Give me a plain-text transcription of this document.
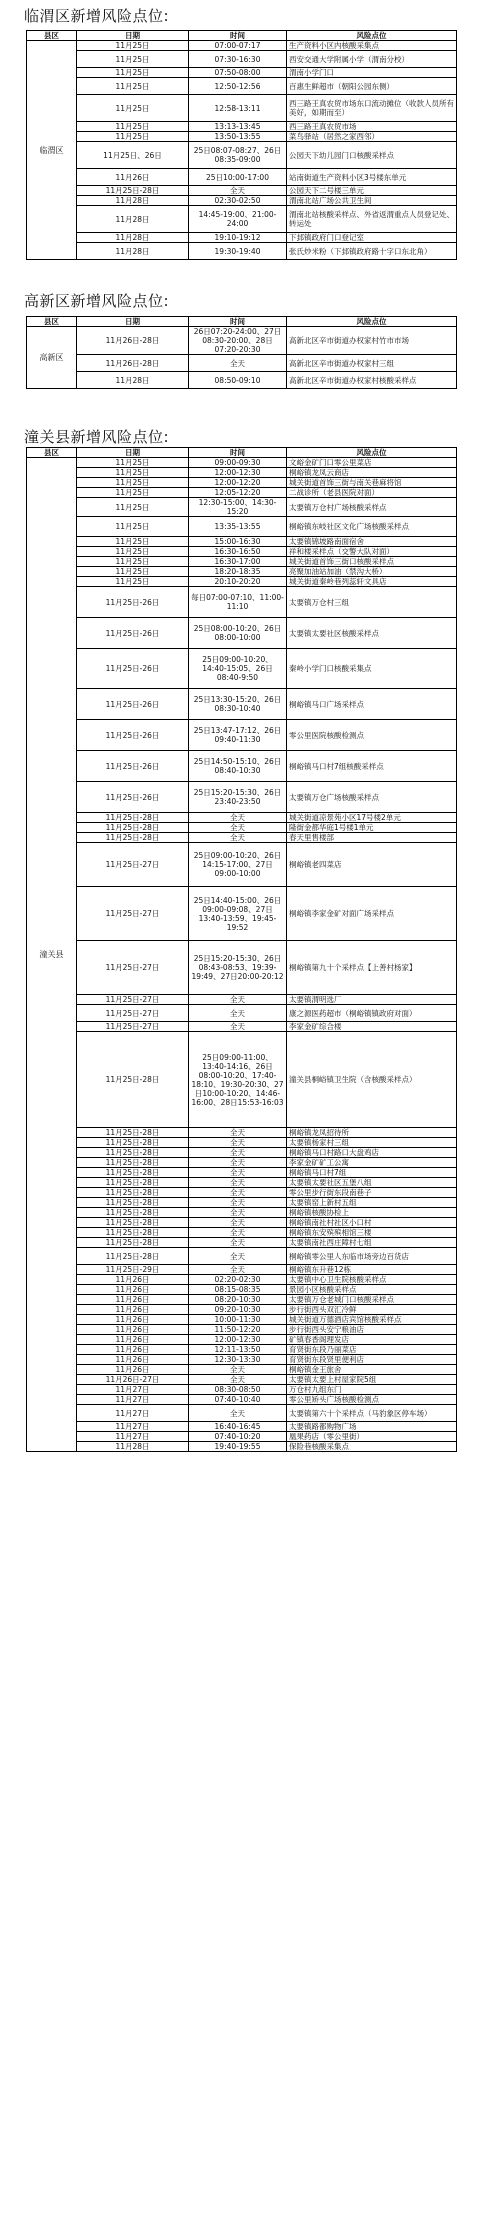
临渭区新增风险点位:
县区	日期	时间	风险点位
临渭区	11月25日	07:00-07:17	生产资料小区内核酸采集点
	11月25日	07:30-16:30	西安交通大学附属小学（渭南分校）
	11月25日	07:50-08:00	渭南小学门口
	11月25日	12:50-12:56	百惠生鲜超市（朝阳公园东侧）
	11月25日	12:58-13:11	西三路王真农贸市场东口流动摊位（收款人员所有美好，如期而至）
	11月25日	13:13-13:45	西三路王真农贸市场
	11月25日	13:50-13:55	菜鸟驿站（居然之家西邻）
	11月25日、26日	25日08:07-08:27、26日08:35-09:00	公园天下幼儿园门口核酸采样点
	11月26日	25日10:00-17:00	站南街道生产资料小区3号楼东单元
	11月25日-28日	全天	公园天下二号楼三单元
	11月28日	02:30-02:50	渭南北站广场公共卫生间
	11月28日	14:45-19:00、21:00-24:00	渭南北站核酸采样点、外省返渭重点人员登记处、转运处
	11月28日	19:10-19:12	下邽镇政府门口登记室
	11月28日	19:30-19:40	张氏炒米粉（下邽镇政府路十字口东北角）
高新区新增风险点位:
县区	日期	时间	风险点位
高新区	11月26日-28日	26日07:20-24:00、27日08:30-20:00、28日07:20-20:30	高新北区辛市街道办权家村竹市市场
	11月26日-28日	全天	高新北区辛市街道办权家村三组
	11月28日	08:50-09:10	高新北区辛市街道办权家村核酸采样点
潼关县新增风险点位:
县区	日期	时间	风险点位
潼关县	11月25日	09:00-09:30	文峪金矿门口零公里菜店
	11月25日	12:00-12:30	桐峪镇龙凤云商店
	11月25日	12:00-12:20	城关街道首饰三街与南关巷麻将馆
	11月25日	12:05-12:20	二战诊所（老县医院对面）
	11月25日	12:30-15:00、14:30-15:20	太要镇万仓村广场核酸采样点
	11月25日	13:35-13:55	桐峪镇东岐社区文化广场核酸采样点
	11月25日	15:00-16:30	太要镇锦坡路南面宿舍
	11月25日	16:30-16:50	祥和楼采样点（交警大队对面）
	11月25日	16:30-17:00	城关街道首饰三街口核酸采样点
	11月25日	18:20-18:35	亮聚加油站加油（禁沟大桥）
	11月25日	20:10-20:20	城关街道秦岭巷列蕊轩文具店
	11月25日-26日	每日07:00-07:10、11:00-11:10	太要镇万仓村三组
	11月25日-26日	25日08:00-10:20、26日08:00-10:00	太要镇太要社区核酸采样点
	11月25日-26日	25日09:00-10:20、14:40-15:05、26日08:40-9:50	秦岭小学门口核酸采集点
	11月25日-26日	25日13:30-15:20、26日08:30-10:40	桐峪镇马口广场采样点
	11月25日-26日	25日13:47-17:12、26日09:40-11:30	零公里医院核酸检测点
	11月25日-26日	25日14:50-15:10、26日08:40-10:30	桐峪镇马口村7组核酸采样点
	11月25日-26日	25日15:20-15:30、26日23:40-23:50	太要镇万仓广场核酸采样点
	11月25日-28日	全天	城关街道凉景苑小区17号楼2单元
	11月25日-28日	全天	隆街金都华庭1号楼1单元
	11月25日-28日	全天	春天里售楼部
	11月25日-27日	25日09:00-10:20、26日14:15-17:00、27日09:00-10:00	桐峪镇老四菜店
	11月25日-27日	25日14:40-15:00、26日09:00-09:08、27日13:40-13:59、19:45-19:52	桐峪镇李家金矿对面广场采样点
	11月25日-27日	25日15:20-15:30、26日08:43-08:53、19:39-19:49、27日20:00-20:12	桐峪镇第九十个采样点【上善村杨家】
	11月25日-27日	全天	太要镇渭明选厂
	11月25日-27日	全天	康之源医药超市（桐峪镇镇政府对面）
	11月25日-27日	全天	李家金矿综合楼
	11月25日-28日	25日09:00-11:00、13:40-14:16、26日08:00-10:20、17:40-18:10、19:30-20:30、27日10:00-10:20、14:46-16:00、28日15:53-16:03	潼关县桐峪镇卫生院（含核酸采样点）
	11月25日-28日	全天	桐峪镇龙凤招待所
	11月25日-28日	全天	太要镇杨家村三组
	11月25日-28日	全天	桐峪镇马口村路口大盘鸡店
	11月25日-28日	全天	李家金矿矿工公寓
	11月25日-28日	全天	桐峪镇马口村7组
	11月25日-28日	全天	太要镇太要社区五堡八组
	11月25日-28日	全天	零公里步行街东段南巷子
	11月25日-28日	全天	太要镇窑上新村五组
	11月25日-28日	全天	桐峪镇核酸协检上
	11月25日-28日	全天	桐峪镇南社村社区小口村
	11月25日-28日	全天	桐峪镇东安殡殡相馆三楼
	11月25日-28日	全天	太要镇南社西庄障村七组
	11月25日-28日	全天	桐峪镇零公里人东临市场旁边百货店
	11月25日-29日	全天	桐峪镇东升巷12栋
	11月26日	02:20-02:30	太要镇中心卫生院核酸采样点
	11月26日	08:15-08:35	景园小区核酸采样点
	11月26日	08:20-10:30	太要镇万仓老城门口核酸采样点
	11月26日	09:20-10:30	步行街西头双汇冷鲜
	11月26日	10:00-11:30	城关街道万德酒店宾馆核酸采样点
	11月26日	11:50-12:20	步行街西头安宁粮油店
	11月26日	12:00-12:30	矿镇春香阁理发店
	11月26日	12:11-13:50	育贤街东段乃丽菜店
	11月26日	12:30-13:30	育贤街东段贤里便利店
	11月26日	全天	桐峪镇金王旅舍
	11月26日-27日	全天	太要镇太要上村屋家院5组
	11月27日	08:30-08:50	万仓村九组东门
	11月27日	07:40-10:40	零公里矫头广场核酸检测点
	11月27日	全天	太要镇第六十个采样点（马豹象区停车场）
	11月27日	16:40-16:45	太要镇路都购物广场
	11月27日	07:40-10:20	凰果药店（零公里街）
	11月28日	19:40-19:55	保险巷核酸采集点
